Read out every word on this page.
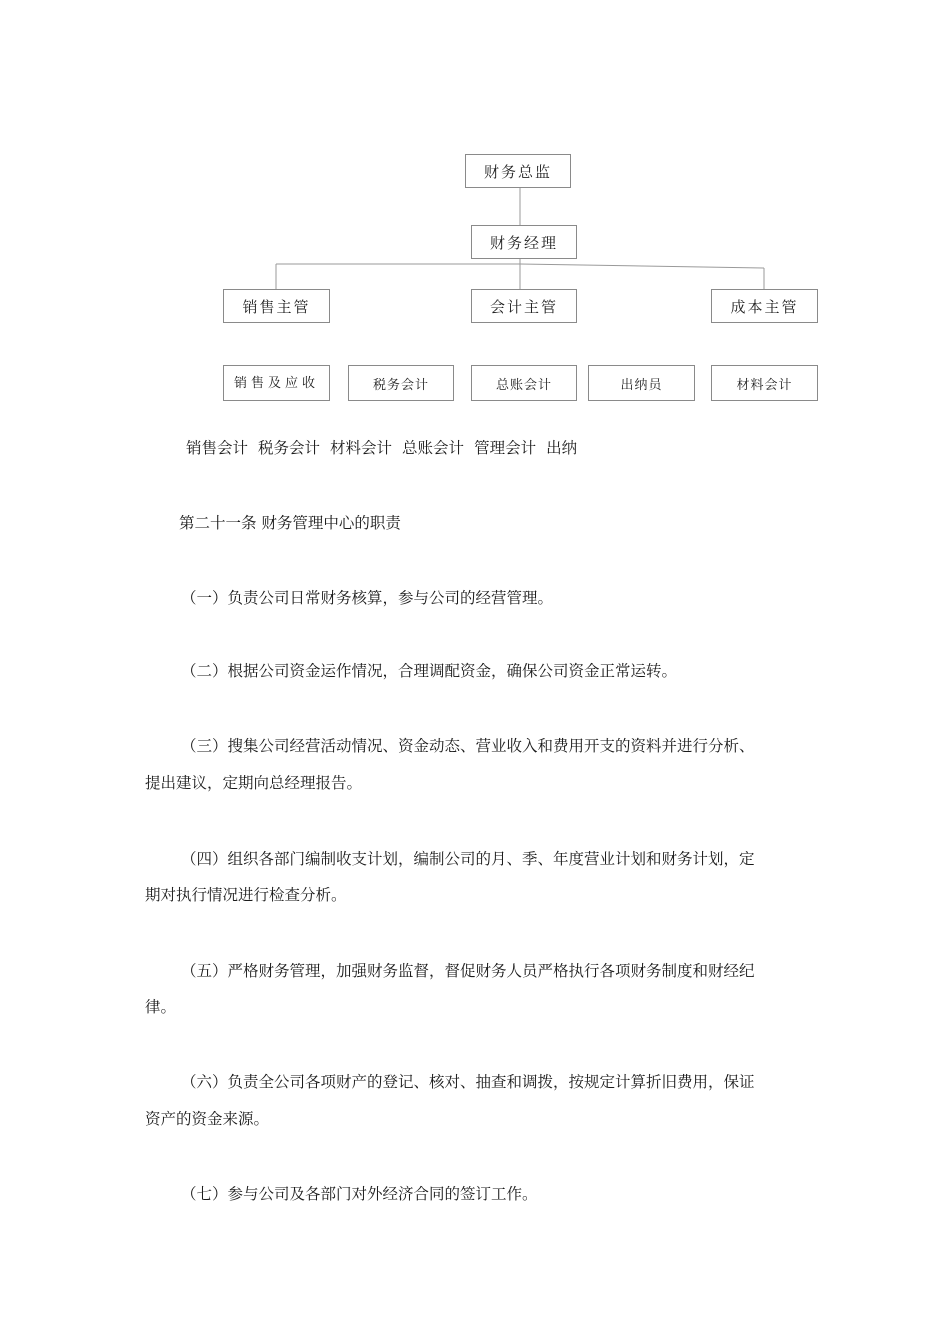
财务总监
财务经理
销售主管	会计主管	成本主管
销售及应收	税务会计	总账会计	出纳员	材料会计
销售会计 税务会计 材料会计 总账会计 管理会计 出纳
第二十一条 财务管理中心的职责
（一）负责公司日常财务核算，参与公司的经营管理。
（二）根据公司资金运作情况，合理调配资金，确保公司资金正常运转。
（三）搜集公司经营活动情况、资金动态、营业收入和费用开支的资料并进行分析、
提出建议，定期向总经理报告。
（四）组织各部门编制收支计划，编制公司的月、季、年度营业计划和财务计划，定
期对执行情况进行检查分析。
（五）严格财务管理，加强财务监督，督促财务人员严格执行各项财务制度和财经纪
律。
（六）负责全公司各项财产的登记、核对、抽查和调拨，按规定计算折旧费用，保证
资产的资金来源。
（七）参与公司及各部门对外经济合同的签订工作。
